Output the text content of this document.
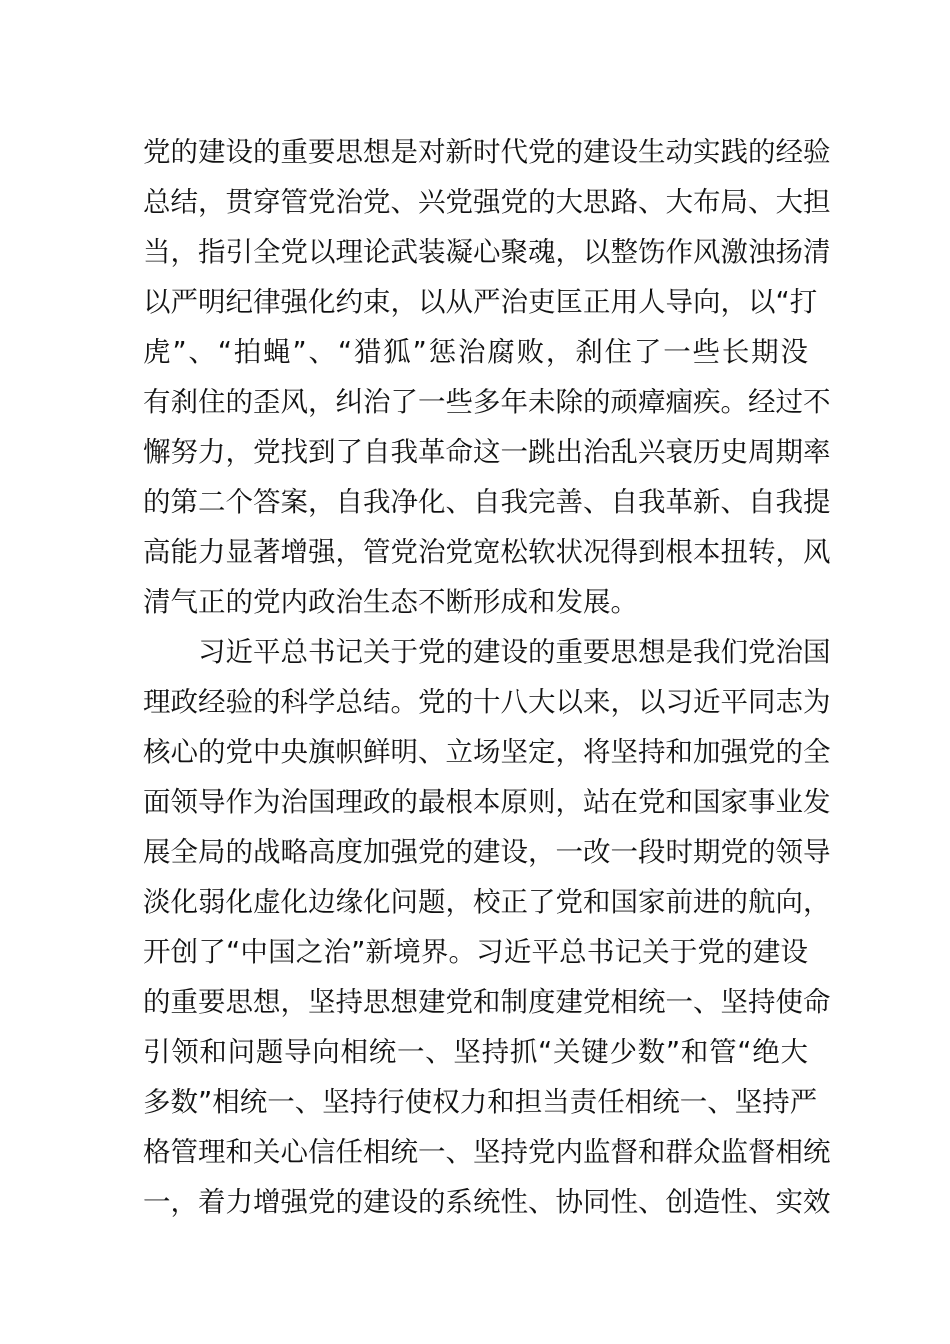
党的建设的重要思想是对新时代党的建设生动实践的经验
总结，贯穿管党治党、兴党强党的大思路、大布局、大担
当，指引全党以理论武装凝心聚魂，以整饬作风激浊扬清
以严明纪律强化约束，以从严治吏匡正用人导向，以“打
虎”、“拍蝇”、“猎狐”惩治腐败，刹住了一些长期没
有刹住的歪风，纠治了一些多年未除的顽瘴痼疾。经过不
懈努力，党找到了自我革命这一跳出治乱兴衰历史周期率
的第二个答案，自我净化、自我完善、自我革新、自我提
高能力显著增强，管党治党宽松软状况得到根本扭转，风
清气正的党内政治生态不断形成和发展。
习近平总书记关于党的建设的重要思想是我们党治国
理政经验的科学总结。党的十八大以来，以习近平同志为
核心的党中央旗帜鲜明、立场坚定，将坚持和加强党的全
面领导作为治国理政的最根本原则，站在党和国家事业发
展全局的战略高度加强党的建设，一改一段时期党的领导
淡化弱化虚化边缘化问题，校正了党和国家前进的航向，
开创了“中国之治”新境界。习近平总书记关于党的建设
的重要思想，坚持思想建党和制度建党相统一、坚持使命
引领和问题导向相统一、坚持抓“关键少数”和管“绝大
多数”相统一、坚持行使权力和担当责任相统一、坚持严
格管理和关心信任相统一、坚持党内监督和群众监督相统
一，着力增强党的建设的系统性、协同性、创造性、实效
